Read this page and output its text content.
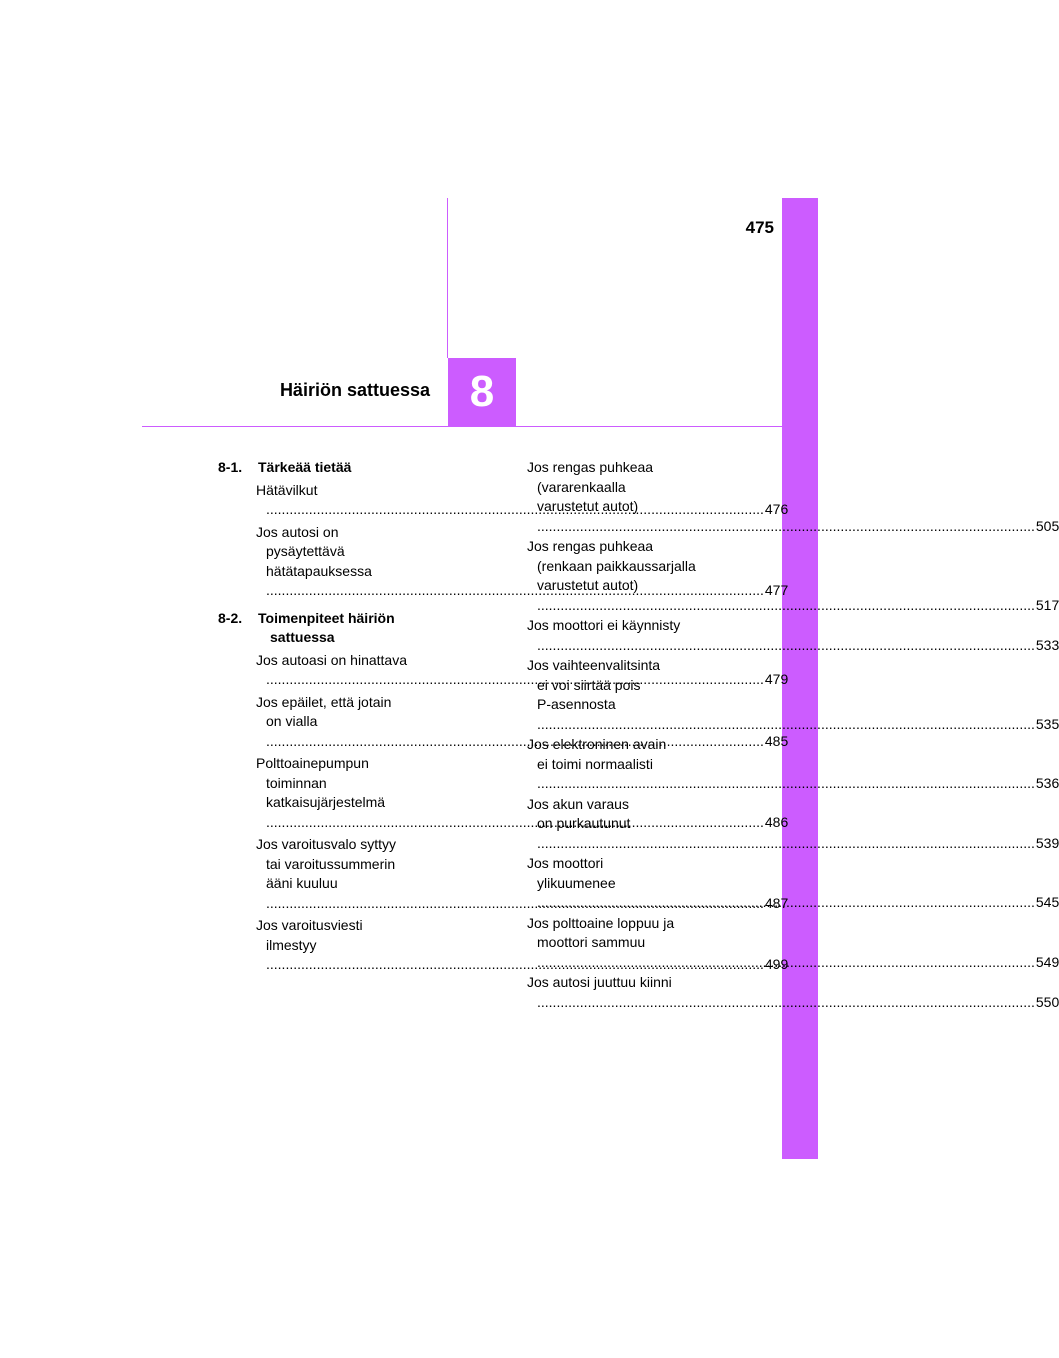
8
475
Häiriön sattuessa
8-1.	Tärkeää tietää
Hätävilkut .....
476
Jos autosi on
pysäytettävä
hätätapauksessa .....
477
8-2.	Toimenpiteet häiriön
sattuessa
Jos autoasi on hinattava .....
479
Jos epäilet, että jotain
on vialla .....
485
Polttoainepumpun
toiminnan
katkaisujärjestelmä .....
486
Jos varoitusvalo syttyy
tai varoitussummerin
ääni kuuluu .....
487
Jos varoitusviesti
ilmestyy .....
499
Jos rengas puhkeaa
(vararenkaalla
varustetut autot) .....
505
Jos rengas puhkeaa
(renkaan paikkaussarjalla
varustetut autot) .....
517
Jos moottori ei käynnisty .....
533
Jos vaihteenvalitsinta
ei voi siirtää pois
P-asennosta .....
535
Jos elektroninen avain
ei toimi normaalisti .....
536
Jos akun varaus
on purkautunut .....
539
Jos moottori
ylikuumenee .....
545
Jos polttoaine loppuu ja
moottori sammuu .....
549
Jos autosi juuttuu kiinni .....
550
